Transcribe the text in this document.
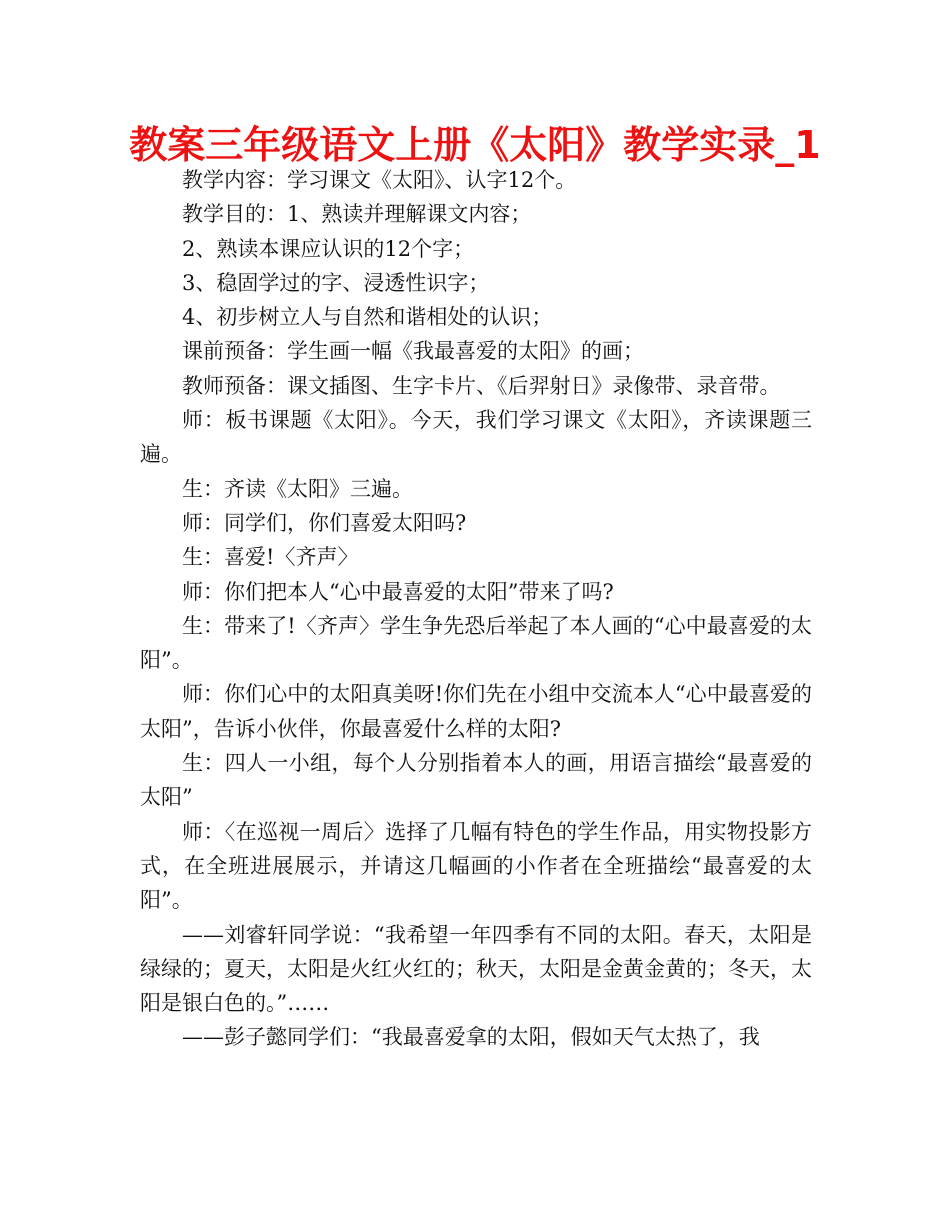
教案三年级语文上册《太阳》教学实录_1

教学内容：学习课文《太阳》、认字12个。

教学目的：1、熟读并理解课文内容；

2、熟读本课应认识的12个字；

3、稳固学过的字、浸透性识字；

4、初步树立人与自然和谐相处的认识；

课前预备：学生画一幅《我最喜爱的太阳》的画；

教师预备：课文插图、生字卡片、《后羿射日》录像带、录音带。

师：板书课题《太阳》。今天，我们学习课文《太阳》，齐读课题三遍。

生：齐读《太阳》三遍。

师：同学们，你们喜爱太阳吗?

生：喜爱!〈齐声〉

师：你们把本人“心中最喜爱的太阳”带来了吗?

生：带来了!〈齐声〉学生争先恐后举起了本人画的“心中最喜爱的太阳”。

师：你们心中的太阳真美呀!你们先在小组中交流本人“心中最喜爱的太阳”，告诉小伙伴，你最喜爱什么样的太阳?

生：四人一小组，每个人分别指着本人的画，用语言描绘“最喜爱的太阳”

师：〈在巡视一周后〉选择了几幅有特色的学生作品，用实物投影方式，在全班进展展示，并请这几幅画的小作者在全班描绘“最喜爱的太阳”。

——刘睿轩同学说：“我希望一年四季有不同的太阳。春天，太阳是绿绿的；夏天，太阳是火红火红的；秋天，太阳是金黄金黄的；冬天，太阳是银白色的。”……

——彭子懿同学们：“我最喜爱拿的太阳，假如天气太热了，我
